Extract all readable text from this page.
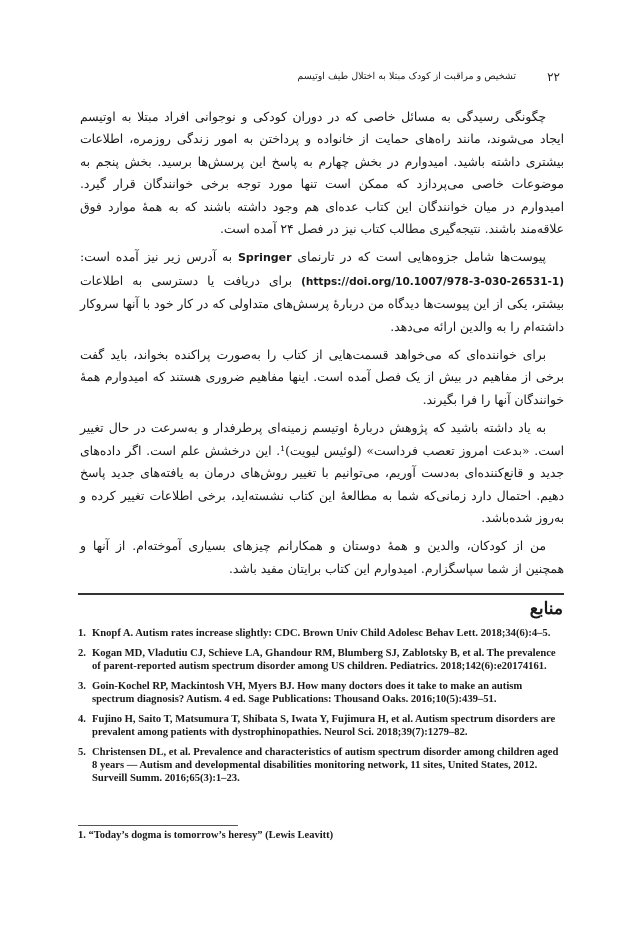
۲۲
تشخیص و مراقبت از کودک مبتلا به اختلال طیف اوتیسم

چگونگی رسیدگی به مسائل خاصی که در دوران کودکی و نوجوانی افراد مبتلا به اوتیسم ایجاد می‌شوند، مانند راه‌های حمایت از خانواده و پرداختن به امور زندگی روزمره، اطلاعات بیشتری داشته باشید. امیدوارم در بخش چهارم به پاسخ این پرسش‌ها برسید. بخش پنجم به موضوعات خاصی می‌پردازد که ممکن است تنها مورد توجه برخی خوانندگان قرار گیرد. امیدوارم در میان خوانندگان این کتاب عده‌ای هم وجود داشته باشند که به همهٔ موارد فوق علاقه‌مند باشند. نتیجه‌گیری مطالب کتاب نیز در فصل ۲۴ آمده است.

پیوست‌ها شامل جزوه‌هایی است که در تارنمای Springer به آدرس زیر نیز آمده است: (https://doi.org/10.1007/978-3-030-26531-1) برای دریافت یا دسترسی به اطلاعات بیشتر، یکی از این پیوست‌ها دیدگاه من دربارهٔ پرسش‌های متداولی که در کار خود با آنها سروکار داشته‌ام را به والدین ارائه می‌دهد.

برای خواننده‌ای که می‌خواهد قسمت‌هایی از کتاب را به‌صورت پراکنده بخواند، باید گفت برخی از مفاهیم در بیش از یک فصل آمده است. اینها مفاهیم ضروری هستند که امیدوارم همهٔ خوانندگان آنها را فرا بگیرند.

به یاد داشته باشید که پژوهش دربارهٔ اوتیسم زمینه‌ای پرطرفدار و به‌سرعت در حال تغییر است. «بدعت امروز تعصب فرداست» (لوئیس لیویت)¹. این درخشش علم است. اگر داده‌های جدید و قانع‌کننده‌ای به‌دست آوریم، می‌توانیم با تغییر روش‌های درمان به یافته‌های جدید پاسخ دهیم. احتمال دارد زمانی‌که شما به مطالعهٔ این کتاب نشسته‌اید، برخی اطلاعات تغییر کرده و به‌روز شده‌باشد.

من از کودکان، والدین و همهٔ دوستان و همکارانم چیزهای بسیاری آموخته‌ام. از آنها و همچنین از شما سپاسگزارم. امیدوارم این کتاب برایتان مفید باشد.

منابع
1. Knopf A. Autism rates increase slightly: CDC. Brown Univ Child Adolesc Behav Lett. 2018;34(6):4–5.
2. Kogan MD, Vladutiu CJ, Schieve LA, Ghandour RM, Blumberg SJ, Zablotsky B, et al. The prevalence of parent-reported autism spectrum disorder among US children. Pediatrics. 2018;142(6):e20174161.
3. Goin-Kochel RP, Mackintosh VH, Myers BJ. How many doctors does it take to make an autism spectrum diagnosis? Autism. 4 ed. Sage Publications: Thousand Oaks. 2016;10(5):439–51.
4. Fujino H, Saito T, Matsumura T, Shibata S, Iwata Y, Fujimura H, et al. Autism spectrum disorders are prevalent among patients with dystrophinopathies. Neurol Sci. 2018;39(7):1279–82.
5. Christensen DL, et al. Prevalence and characteristics of autism spectrum disorder among children aged 8 years — Autism and developmental disabilities monitoring network, 11 sites, United States, 2012. Surveill Summ. 2016;65(3):1–23.
1. “Today’s dogma is tomorrow’s heresy” (Lewis Leavitt)
